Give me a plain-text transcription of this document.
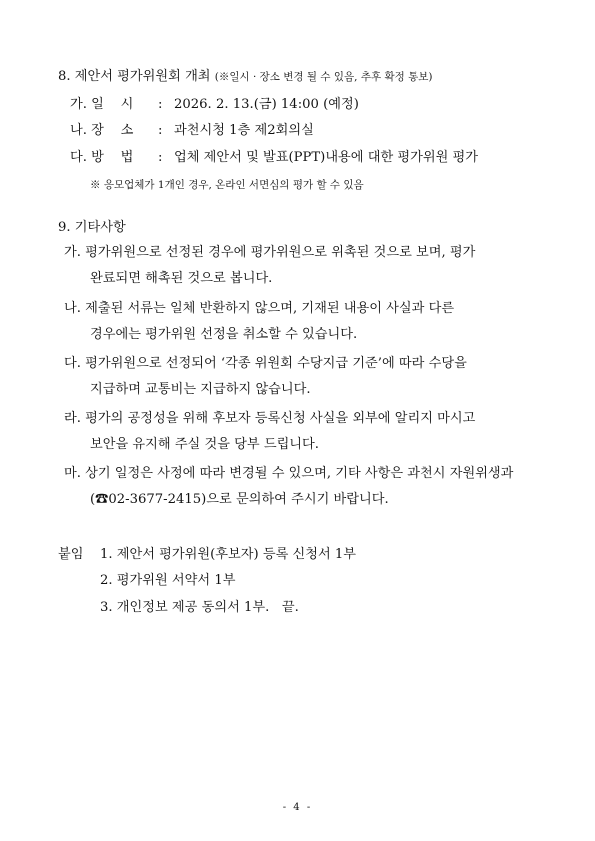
8. 제안서 평가위원회 개최 (※일시 · 장소 변경 될 수 있음, 추후 확정 통보)
가. 일    시 : 2026. 2. 13.(금) 14:00 (예정)
나. 장    소 : 과천시청 1층 제2회의실
다. 방    법 : 업체 제안서 및 발표(PPT)내용에 대한 평가위원 평가
※ 응모업체가 1개인 경우, 온라인 서면심의 평가 할 수 있음
9. 기타사항
가. 평가위원으로 선정된 경우에 평가위원으로 위촉된 것으로 보며, 평가
완료되면 해촉된 것으로 봅니다.
나. 제출된 서류는 일체 반환하지 않으며, 기재된 내용이 사실과 다른
경우에는 평가위원 선정을 취소할 수 있습니다.
다. 평가위원으로 선정되어 ‘각종 위원회 수당지급 기준’에 따라 수당을
지급하며 교통비는 지급하지 않습니다.
라. 평가의 공정성을 위해 후보자 등록신청 사실을 외부에 알리지 마시고
보안을 유지해 주실 것을 당부 드립니다.
마. 상기 일정은 사정에 따라 변경될 수 있으며, 기타 사항은 과천시 자원위생과
(☎02-3677-2415)으로 문의하여 주시기 바랍니다.
붙임 1. 제안서 평가위원(후보자) 등록 신청서 1부
2. 평가위원 서약서 1부
3. 개인정보 제공 동의서 1부.   끝.
- 4 -
